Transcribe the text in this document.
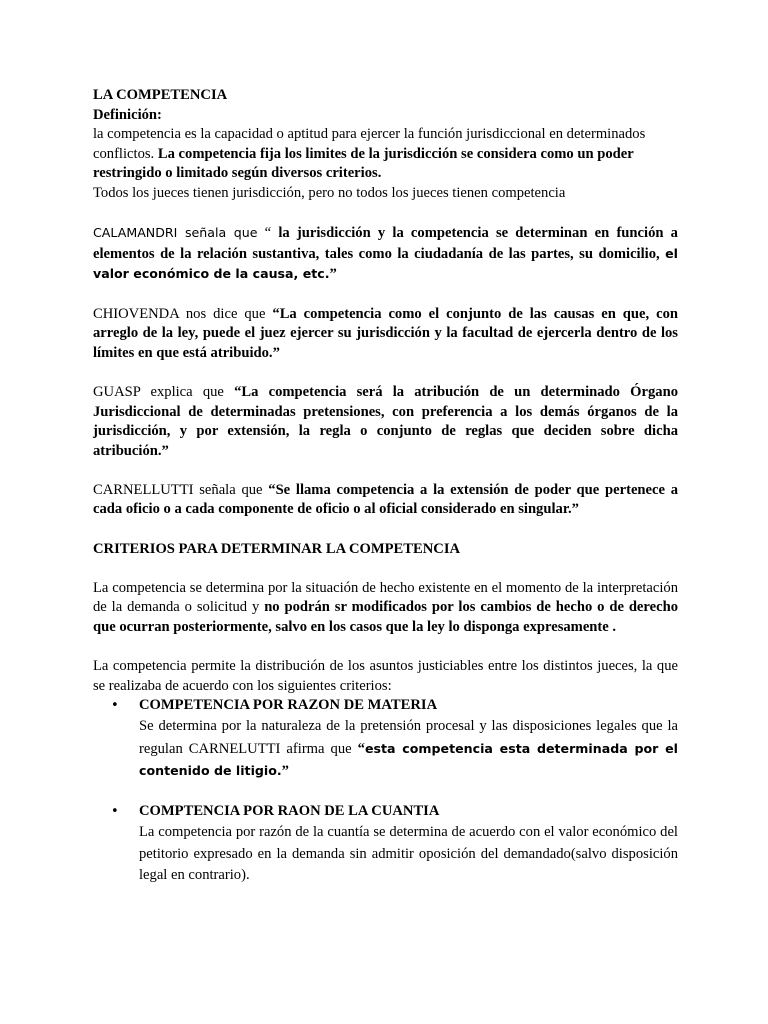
LA COMPETENCIA

Definición:

la competencia es la capacidad o aptitud para ejercer la función jurisdiccional en determinados conflictos. La competencia fija los limites de la jurisdicción se considera como un poder restringido o limitado según diversos criterios.

Todos los jueces tienen jurisdicción, pero no todos los jueces tienen competencia

CALAMANDRI señala que “ la jurisdicción y la competencia se determinan en función a elementos de la relación sustantiva, tales como la ciudadanía de las partes, su domicilio, el valor económico de la causa, etc.”

CHIOVENDA nos dice que “La competencia como el conjunto de las causas en que, con arreglo de la ley, puede el juez ejercer su jurisdicción y la facultad de ejercerla dentro de los límites en que está atribuido.”

GUASP explica que “La competencia será la atribución de un determinado Órgano Jurisdiccional de determinadas pretensiones, con preferencia a los demás órganos de la jurisdicción, y por extensión, la regla o conjunto de reglas que deciden sobre dicha atribución.”

CARNELLUTTI señala que “Se llama competencia a la extensión de poder que pertenece a cada oficio o a cada componente de oficio o al oficial considerado en singular.”

CRITERIOS PARA DETERMINAR LA COMPETENCIA

La competencia se determina por la situación de hecho existente en el momento de la interpretación de la demanda o solicitud y no podrán sr modificados por los cambios de hecho o de derecho que ocurran posteriormente, salvo en los casos que la ley lo disponga expresamente .

La competencia permite la distribución de los asuntos justiciables entre los distintos jueces, la que se realizaba de acuerdo con los siguientes criterios:

•	COMPETENCIA POR RAZON DE MATERIA

Se determina por la naturaleza de la pretensión procesal y las disposiciones legales que la regulan CARNELUTTI afirma que “esta competencia esta determinada por el contenido de litigio.”

•	COMPTENCIA POR RAON DE LA CUANTIA

La competencia por razón de la cuantía se determina de acuerdo con el valor económico del petitorio expresado en la demanda sin admitir oposición del demandado(salvo disposición legal en contrario).
